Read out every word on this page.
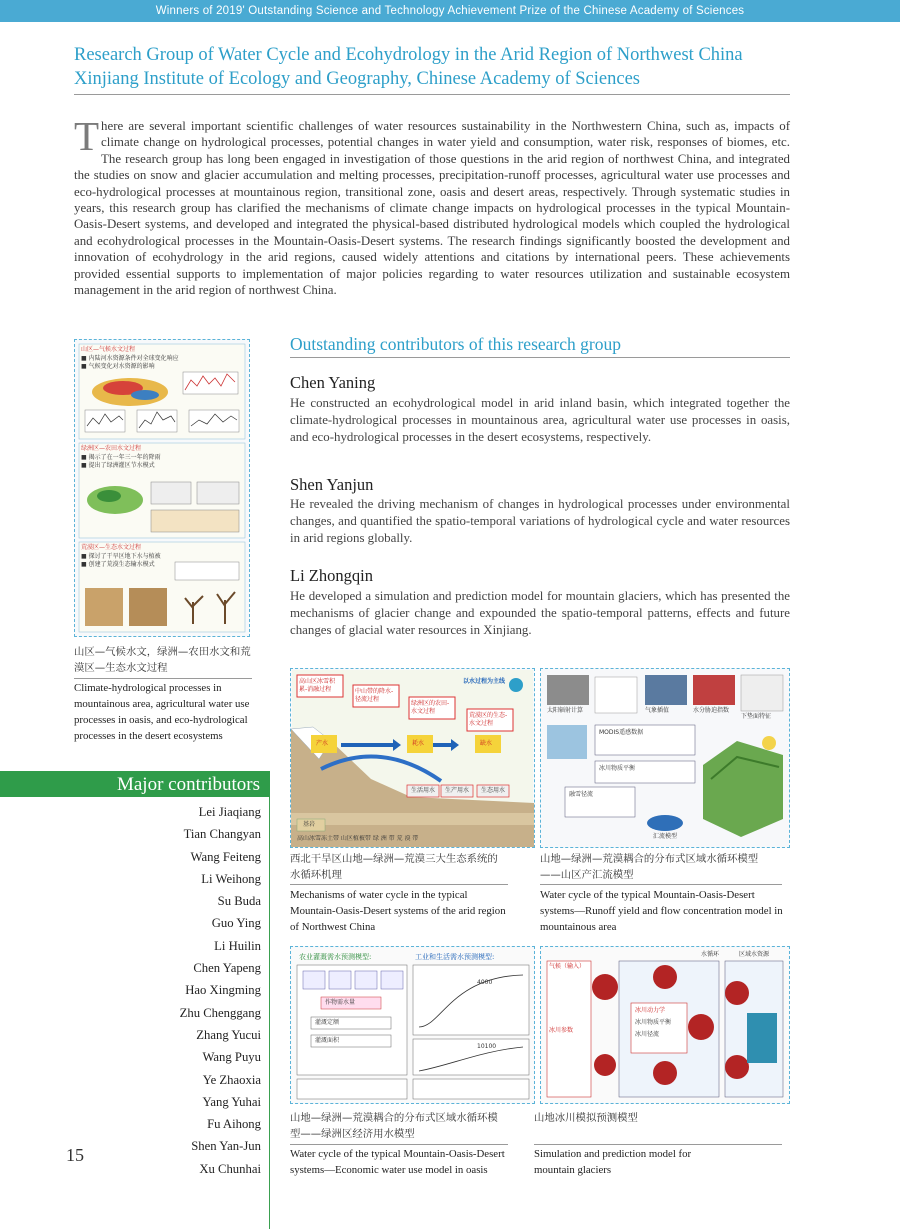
Winners of 2019' Outstanding Science and Technology Achievement Prize of the Chinese Academy of Sciences
Research Group of Water Cycle and Ecohydrology in the Arid Region of Northwest China
Xinjiang Institute of Ecology and Geography, Chinese Academy of Sciences
There are several important scientific challenges of water resources sustainability in the Northwestern China, such as, impacts of climate change on hydrological processes, potential changes in water yield and consumption, water risk, responses of biomes, etc. The research group has long been engaged in investigation of those questions in the arid region of northwest China, and integrated the studies on snow and glacier accumulation and melting processes, precipitation-runoff processes, agricultural water use processes and eco-hydrological processes at mountainous region, transitional zone, oasis and desert areas, respectively. Through systematic studies in years, this research group has clarified the mechanisms of climate change impacts on hydrological processes in the typical Mountain-Oasis-Desert systems, and developed and integrated the physical-based distributed hydrological models which coupled the hydrological and ecohydrological processes in the Mountain-Oasis-Desert systems. The research findings significantly boosted the development and innovation of ecohydrology in the arid regions, caused widely attentions and citations by international peers. These achievements provided essential supports to implementation of major policies regarding to water resources utilization and sustainable ecosystem management in the arid region of northwest China.
山区—气候水文过程
■ 内陆河水资源条件对全球变化响应
■ 气候变化对水资源的影响
绿洲区—农田水文过程
■ 揭示了在一年三一年的降雨
■ 提出了绿洲灌区节水模式
荒漠区—生态水文过程
■ 探讨了干旱区地下水与植被
■ 创建了荒漠生态输水模式
山区—气候水文，绿洲—农田水文和荒漠区—生态水文过程
Climate-hydrological processes in mountainous area, agricultural water use processes in oasis, and eco-hydrological processes in the desert ecosystems
Outstanding contributors of this research group
Chen Yaning
He constructed an ecohydrological model in arid inland basin, which integrated together the climate-hydrological processes in mountainous area, agricultural water use processes in oasis, and eco-hydrological processes in the desert ecosystems, respectively.
Shen Yanjun
He revealed the driving mechanism of changes in hydrological processes under environmental changes, and quantified the spatio-temporal variations of hydrological cycle and water resources in arid regions globally.
Li Zhongqin
He developed a simulation and prediction model for mountain glaciers, which has presented the mechanisms of glacier change and expounded the spatio-temporal patterns, effects and future changes of glacial water resources in Xinjiang.
高山区冰雪积累-消融过程	中山带的降水-径流过程
绿洲区的农田-水文过程
荒漠区的生态-水文过程
以水过程为主线
产水	耗水	缺水
生活用水 生产用水 生态用水
基岩
高山冰雪冻土带 山区植被带 绿 洲 带 荒 漠 带
西北干旱区山地—绿洲—荒漠三大生态系统的水循环机理
Mechanisms of water cycle in the typical Mountain-Oasis-Desert systems of the arid region of Northwest China
太阳辐射计算	气象插值	水分胁迫指数
下垫面特征
MODIS遥感数据
冰川物质平衡
融雪径流
汇流模型
山地—绿洲—荒漠耦合的分布式区域水循环模型——山区产汇流模型
Water cycle of the typical Mountain-Oasis-Desert systems—Runoff yield and flow concentration model in mountainous area
农业灌溉需水预测模型:	工业和生活需水预测模型:
4000
10100
作物需水量
灌溉定额
灌溉面积
山地—绿洲—荒漠耦合的分布式区域水循环模型——绿洲区经济用水模型
Water cycle of the typical Mountain-Oasis-Desert systems—Economic water use model in oasis
水循环	区域水资源
气候（输入）
冰川参数
冰川动力学
冰川物质平衡
冰川径流
山地冰川模拟预测模型
Simulation and prediction model for mountain glaciers
Major contributors
Lei Jiaqiang
Tian Changyan
Wang Feiteng
Li Weihong
Su Buda
Guo Ying
Li Huilin
Chen Yapeng
Hao Xingming
Zhu Chenggang
Zhang Yucui
Wang Puyu
Ye Zhaoxia
Yang Yuhai
Fu Aihong
Shen Yan-Jun
Xu Chunhai
15
